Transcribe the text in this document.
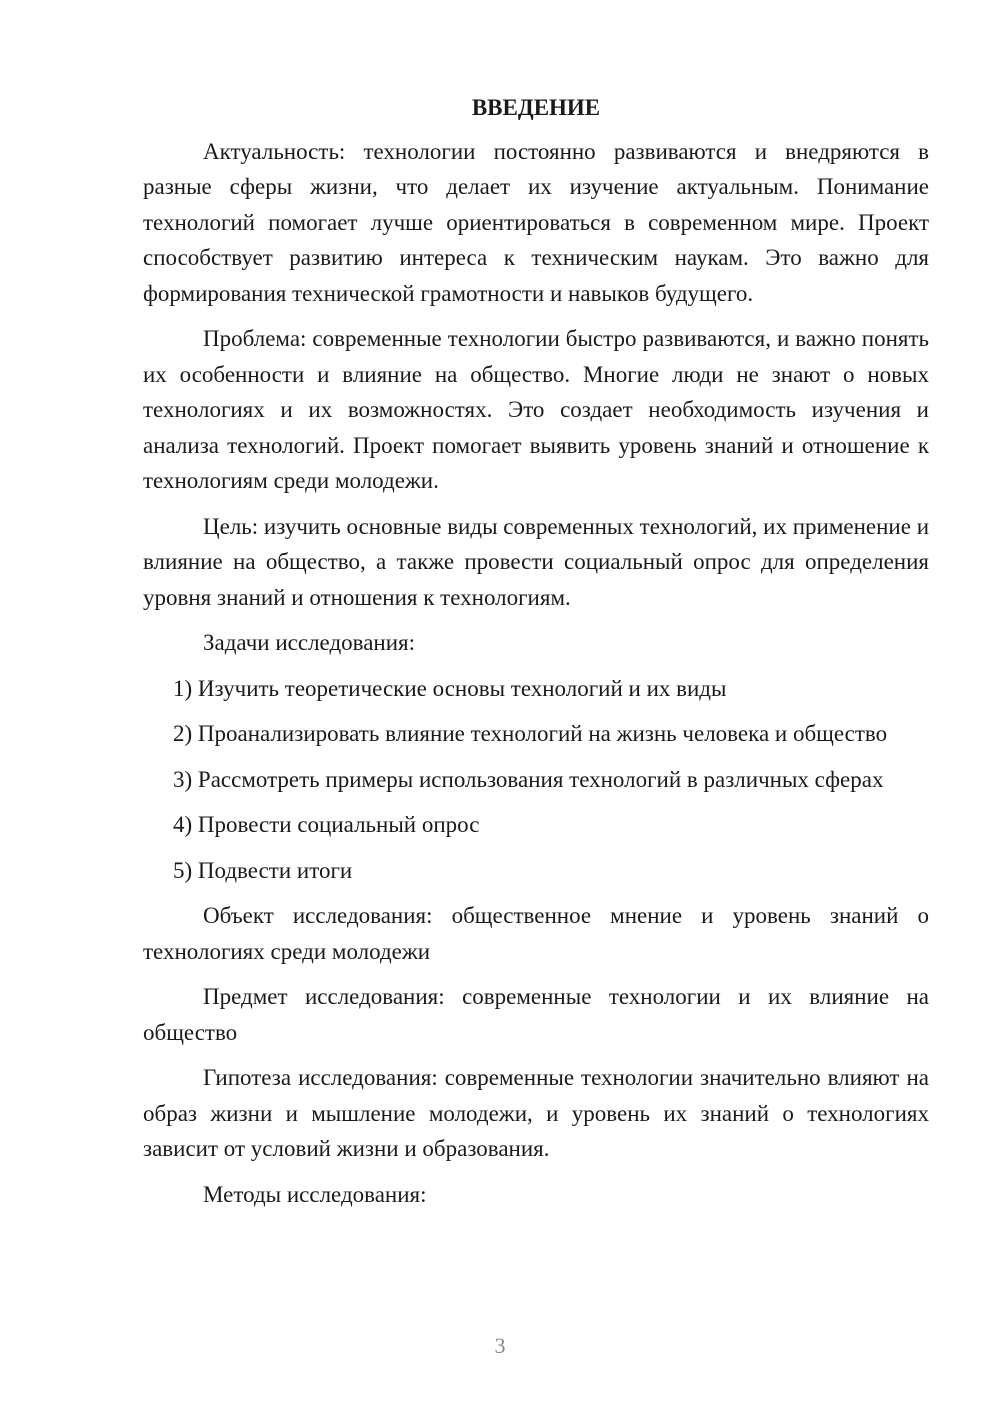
ВВЕДЕНИЕ

Актуальность: технологии постоянно развиваются и внедряются в разные сферы жизни, что делает их изучение актуальным. Понимание технологий помогает лучше ориентироваться в современном мире. Проект способствует развитию интереса к техническим наукам. Это важно для формирования технической грамотности и навыков будущего.

Проблема: современные технологии быстро развиваются, и важно понять их особенности и влияние на общество. Многие люди не знают о новых технологиях и их возможностях. Это создает необходимость изучения и анализа технологий. Проект помогает выявить уровень знаний и отношение к технологиям среди молодежи.

Цель: изучить основные виды современных технологий, их применение и влияние на общество, а также провести социальный опрос для определения уровня знаний и отношения к технологиям.

Задачи исследования:

1) Изучить теоретические основы технологий и их виды

2) Проанализировать влияние технологий на жизнь человека и общество

3) Рассмотреть примеры использования технологий в различных сферах

4) Провести социальный опрос

5) Подвести итоги

Объект исследования: общественное мнение и уровень знаний о технологиях среди молодежи

Предмет исследования: современные технологии и их влияние на общество

Гипотеза исследования: современные технологии значительно влияют на образ жизни и мышление молодежи, и уровень их знаний о технологиях зависит от условий жизни и образования.

Методы исследования:

3
